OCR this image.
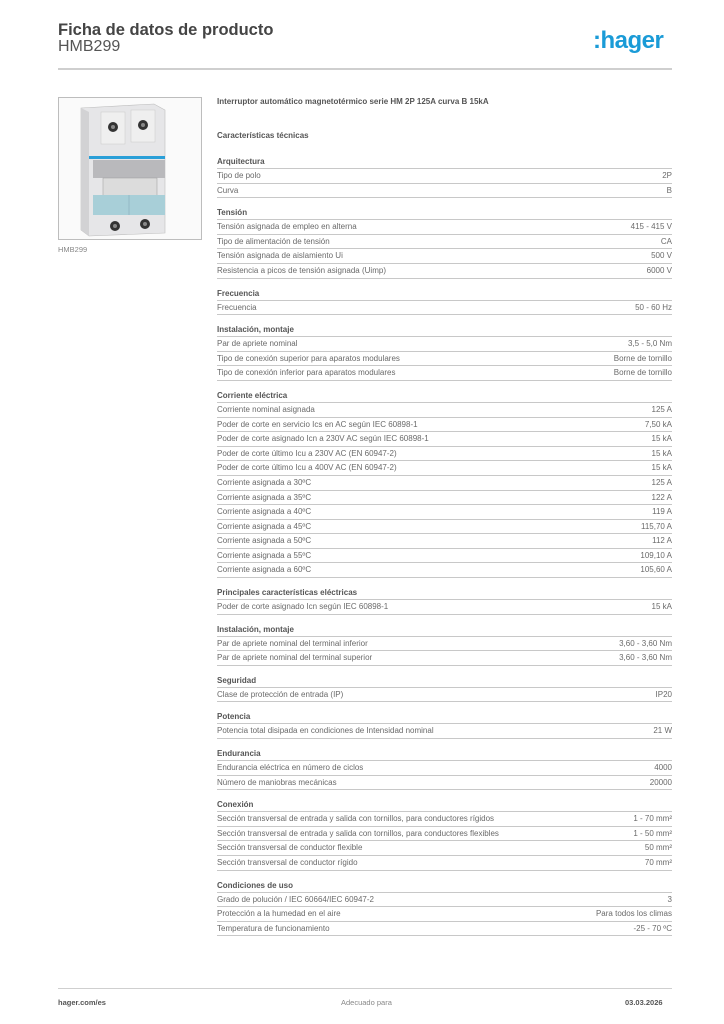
Ficha de datos de producto
HMB299	:hager
HMB299
Interruptor automático magnetotérmico serie HM 2P 125A curva B 15kA
Características técnicas
Arquitectura
Tipo de polo	2P
Curva	B
Tensión
Tensión asignada de empleo en alterna	415 - 415 V
Tipo de alimentación de tensión	CA
Tensión asignada de aislamiento Ui	500 V
Resistencia a picos de tensión asignada (Uimp)	6000 V
Frecuencia
Frecuencia	50 - 60 Hz
Instalación, montaje
Par de apriete nominal	3,5 - 5,0 Nm
Tipo de conexión superior para aparatos modulares	Borne de tornillo
Tipo de conexión inferior para aparatos modulares	Borne de tornillo
Corriente eléctrica
Corriente nominal asignada	125 A
Poder de corte en servicio Ics en AC según IEC 60898-1	7,50 kA
Poder de corte asignado Icn a 230V AC según IEC 60898-1	15 kA
Poder de corte último Icu a 230V AC (EN 60947-2)	15 kA
Poder de corte último Icu a 400V AC (EN 60947-2)	15 kA
Corriente asignada a 30ºC	125 A
Corriente asignada a 35ºC	122 A
Corriente asignada a 40ºC	119 A
Corriente asignada a 45ºC	115,70 A
Corriente asignada a 50ºC	112 A
Corriente asignada a 55ºC	109,10 A
Corriente asignada a 60ºC	105,60 A
Principales características eléctricas
Poder de corte asignado Icn según IEC 60898-1	15 kA
Instalación, montaje
Par de apriete nominal del terminal inferior	3,60 - 3,60 Nm
Par de apriete nominal del terminal superior	3,60 - 3,60 Nm
Seguridad
Clase de protección de entrada (IP)	IP20
Potencia
Potencia total disipada en condiciones de Intensidad nominal	21 W
Endurancia
Endurancia eléctrica en número de ciclos	4000
Número de maniobras mecánicas	20000
Conexión
Sección transversal de entrada y salida con tornillos, para conductores rígidos	1 - 70 mm²
Sección transversal de entrada y salida con tornillos, para conductores flexibles	1 - 50 mm²
Sección transversal de conductor flexible	50 mm²
Sección transversal de conductor rígido	70 mm²
Condiciones de uso
Grado de polución / IEC 60664/IEC 60947-2	3
Protección a la humedad en el aire	Para todos los climas
Temperatura de funcionamiento	-25 - 70 ºC
hager.com/es	Adecuado para	03.03.2026
